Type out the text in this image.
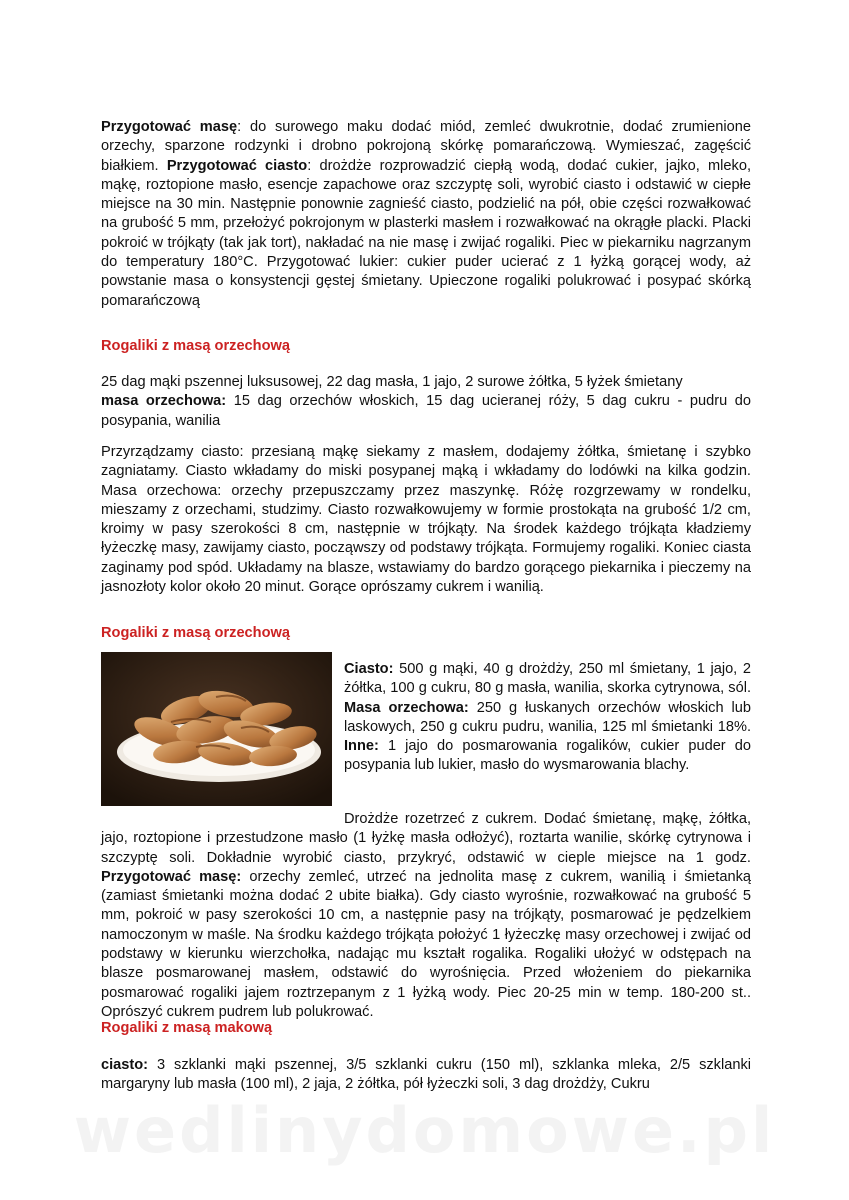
Przygotować masę: do surowego maku dodać miód, zemleć dwukrotnie, dodać zrumienione orzechy, sparzone rodzynki i drobno pokrojoną skórkę pomarańczową. Wymieszać, zagęścić białkiem. Przygotować ciasto: drożdże rozprowadzić ciepłą wodą, dodać cukier, jajko, mleko, mąkę, roztopione masło, esencje zapachowe oraz szczyptę soli, wyrobić ciasto i odstawić w ciepłe miejsce na 30 min. Następnie ponownie zagnieść ciasto, podzielić na pół, obie części rozwałkować na grubość 5 mm, przełożyć pokrojonym w plasterki masłem i rozwałkować na okrągłe placki. Placki pokroić w trójkąty (tak jak tort), nakładać na nie masę i zwijać rogaliki. Piec w piekarniku nagrzanym do temperatury 180°C. Przygotować lukier: cukier puder ucierać z 1 łyżką gorącej wody, aż powstanie masa o konsystencji gęstej śmietany. Upieczone rogaliki polukrować i posypać skórką pomarańczową

Rogaliki z masą orzechową

25 dag mąki pszennej luksusowej, 22 dag masła, 1 jajo, 2 surowe żółtka, 5 łyżek śmietany
masa orzechowa: 15 dag orzechów włoskich, 15 dag ucieranej róży, 5 dag cukru - pudru do posypania, wanilia

Przyrządzamy ciasto: przesianą mąkę siekamy z masłem, dodajemy żółtka, śmietanę i szybko zagniatamy. Ciasto wkładamy do miski posypanej mąką i wkładamy do lodówki na kilka godzin. Masa orzechowa: orzechy przepuszczamy przez maszynkę. Różę rozgrzewamy w rondelku, mieszamy z orzechami, studzimy. Ciasto rozwałkowujemy w formie prostokąta na grubość 1/2 cm, kroimy w pasy szerokości 8 cm, następnie w trójkąty. Na środek każdego trójkąta kładziemy łyżeczkę masy, zawijamy ciasto, począwszy od podstawy trójkąta. Formujemy rogaliki. Koniec ciasta zaginamy pod spód. Układamy na blasze, wstawiamy do bardzo gorącego piekarnika i pieczemy na jasnozłoty kolor około 20 minut. Gorące oprószamy cukrem i wanilią.

Rogaliki z masą orzechową

Ciasto: 500 g mąki, 40 g drożdży, 250 ml śmietany, 1 jajo, 2 żółtka, 100 g cukru, 80 g masła, wanilia, skorka cytrynowa, sól. Masa orzechowa: 250 g łuskanych orzechów włoskich lub laskowych, 250 g cukru pudru, wanilia, 125 ml śmietanki 18%. Inne: 1 jajo do posmarowania rogalików, cukier puder do posypania lub lukier, masło do wysmarowania blachy.

Drożdże rozetrzeć z cukrem. Dodać śmietanę, mąkę, żółtka, jajo, roztopione i przestudzone masło (1 łyżkę masła odłożyć), roztarta wanilie, skórkę cytrynowa i szczyptę soli. Dokładnie wyrobić ciasto, przykryć, odstawić w cieple miejsce na 1 godz. Przygotować masę: orzechy zemleć, utrzeć na jednolita masę z cukrem, wanilią i śmietanką (zamiast śmietanki można dodać 2 ubite białka). Gdy ciasto wyrośnie, rozwałkować na grubość 5 mm, pokroić w pasy szerokości 10 cm, a następnie pasy na trójkąty, posmarować je pędzelkiem namoczonym w maśle. Na środku każdego trójkąta położyć 1 łyżeczkę masy orzechowej i zwijać od podstawy w kierunku wierzchołka, nadając mu kształt rogalika. Rogaliki ułożyć w odstępach na blasze posmarowanej masłem, odstawić do wyrośnięcia. Przed włożeniem do piekarnika posmarować rogaliki jajem roztrzepanym z 1 łyżką wody. Piec 20-25 min w temp. 180-200 st.. Oprószyć cukrem pudrem lub polukrować.

Rogaliki z masą makową

ciasto: 3 szklanki mąki pszennej, 3/5 szklanki cukru (150 ml), szklanka mleka, 2/5 szklanki margaryny lub masła (100 ml), 2 jaja, 2 żółtka, pół łyżeczki soli, 3 dag drożdży, Cukru

wedlinydomowe.pl
